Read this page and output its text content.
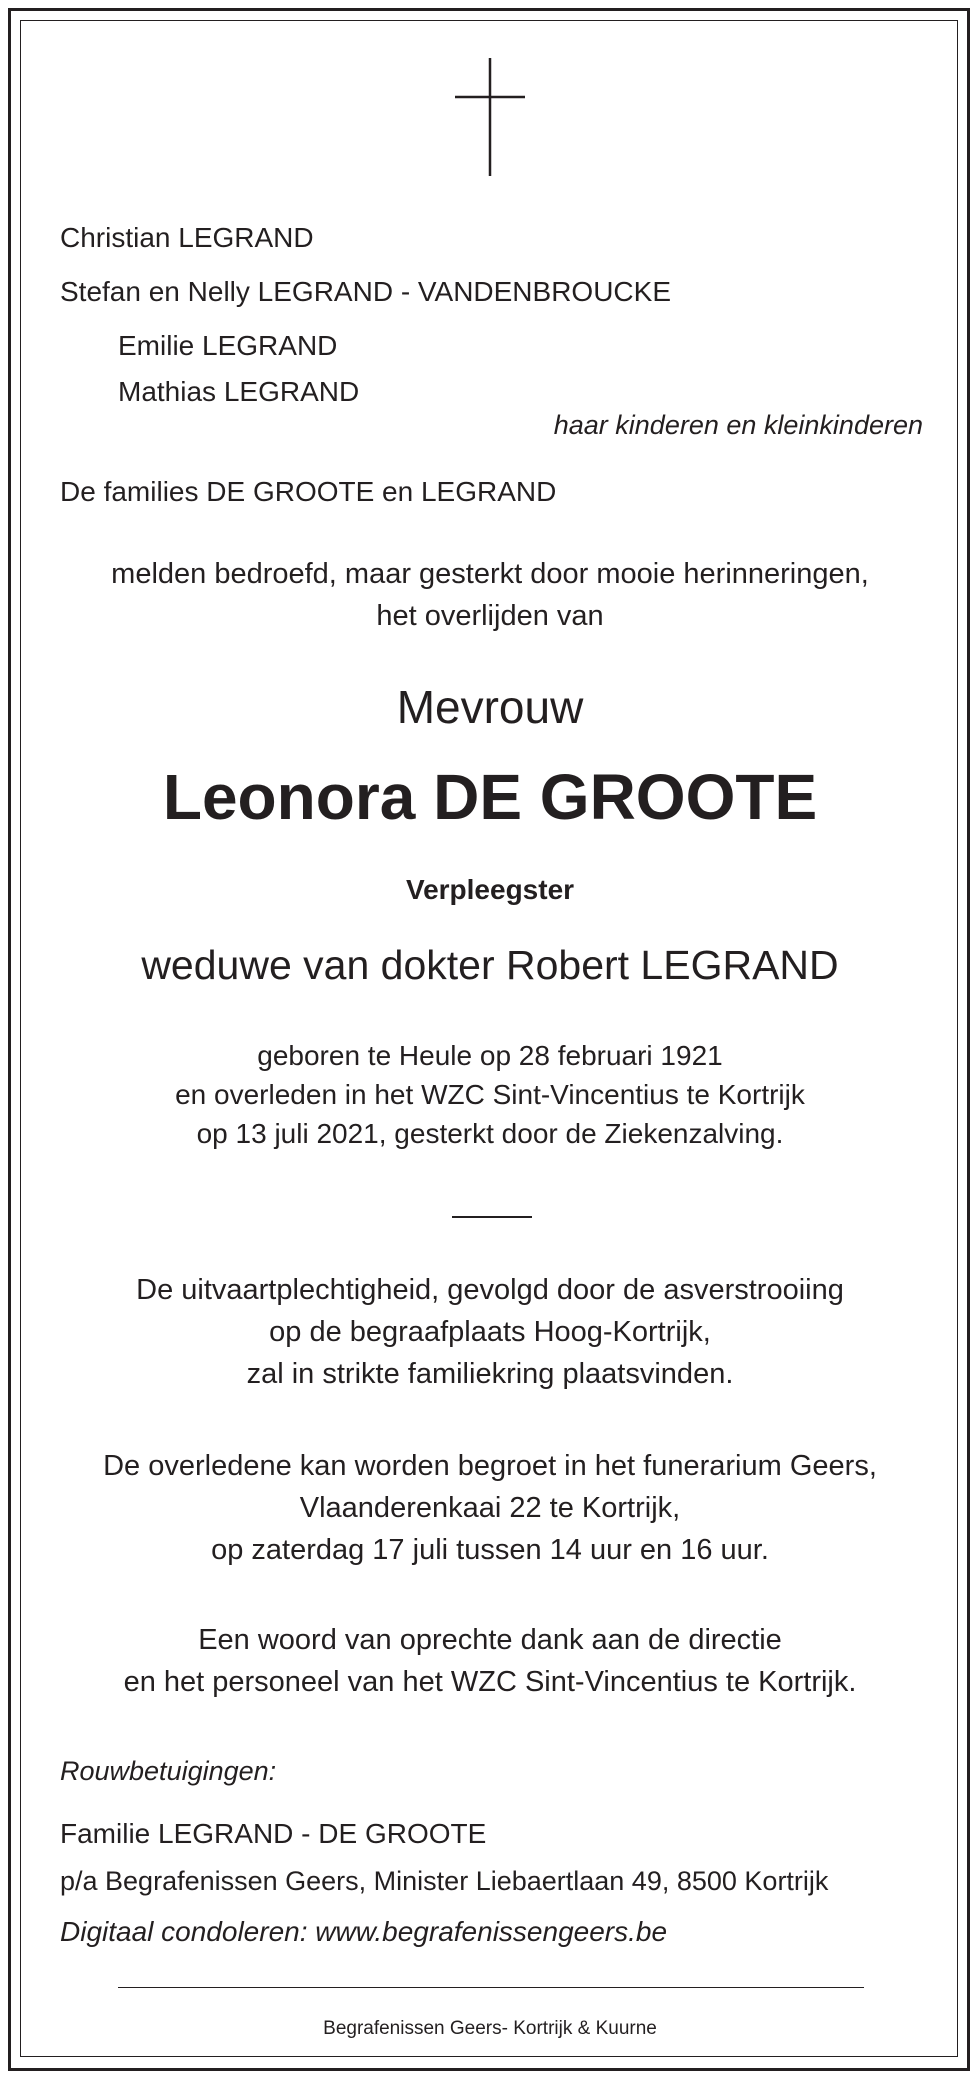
Christian LEGRAND
Stefan en Nelly LEGRAND - VANDENBROUCKE
Emilie LEGRAND
Mathias LEGRAND
haar kinderen en kleinkinderen
De families DE GROOTE en LEGRAND
melden bedroefd, maar gesterkt door mooie herinneringen,
het overlijden van
Mevrouw
Leonora DE GROOTE
Verpleegster
weduwe van dokter Robert LEGRAND
geboren te Heule op 28 februari 1921
en overleden in het WZC Sint-Vincentius te Kortrijk
op 13 juli 2021, gesterkt door de Ziekenzalving.
De uitvaartplechtigheid, gevolgd door de asverstrooiing
op de begraafplaats Hoog-Kortrijk,
zal in strikte familiekring plaatsvinden.
De overledene kan worden begroet in het funerarium Geers,
Vlaanderenkaai 22 te Kortrijk,
op zaterdag 17 juli tussen 14 uur en 16 uur.
Een woord van oprechte dank aan de directie
en het personeel van het WZC Sint-Vincentius te Kortrijk.
Rouwbetuigingen:
Familie LEGRAND - DE GROOTE
p/a Begrafenissen Geers, Minister Liebaertlaan 49, 8500 Kortrijk
Digitaal condoleren: www.begrafenissengeers.be
Begrafenissen Geers- Kortrijk & Kuurne
